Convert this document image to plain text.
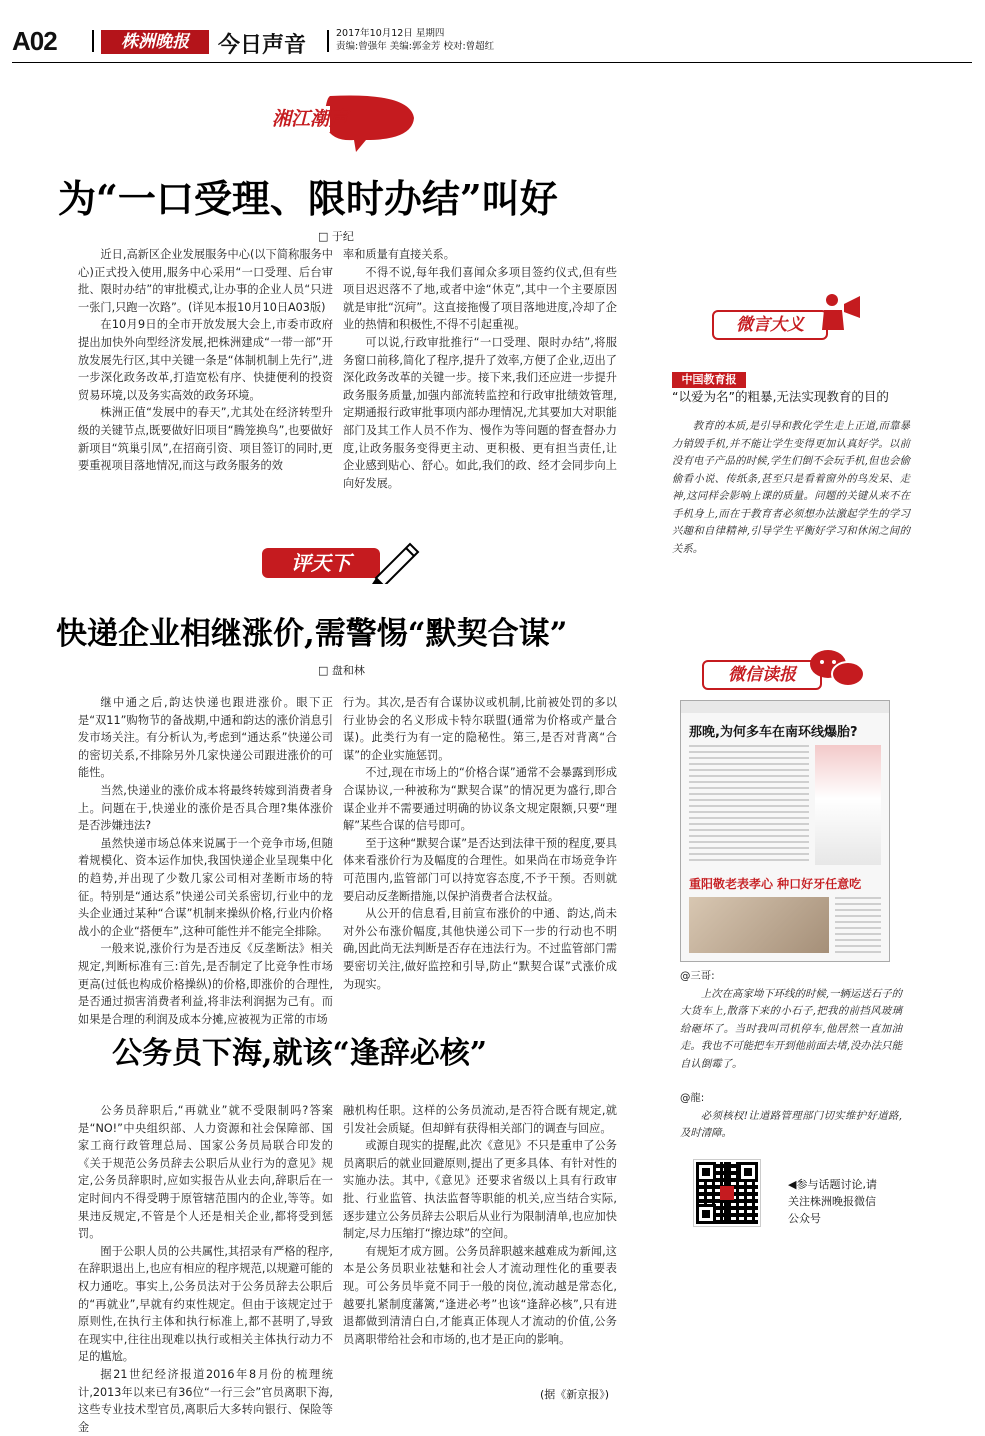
A02	株洲晚报	今日声音	2017年10月12日 星期四
责编:曾强年 美编:郭金芳 校对:曾超红
湘江潮声
为“一口受理、限时办结”叫好
□ 于纪

近日,高新区企业发展服务中心(以下简称服务中心)正式投入使用,服务中心采用“一口受理、后台审批、限时办结”的审批模式,让办事的企业人员“只进一张门,只跑一次路”。(详见本报10月10日A03版)

在10月9日的全市开放发展大会上,市委市政府提出加快外向型经济发展,把株洲建成“一带一部”开放发展先行区,其中关键一条是“体制机制上先行”,进一步深化政务改革,打造宽松有序、快捷便利的投资贸易环境,以及务实高效的政务环境。

株洲正值“发展中的春天”,尤其处在经济转型升级的关键节点,既要做好旧项目“腾笼换鸟”,也要做好新项目“筑巢引凤”,在招商引资、项目签订的同时,更要重视项目落地情况,而这与政务服务的效

率和质量有直接关系。

不得不说,每年我们喜闻众多项目签约仪式,但有些项目迟迟落不了地,或者中途“休克”,其中一个主要原因就是审批“沉疴”。这直接拖慢了项目落地进度,冷却了企业的热情和积极性,不得不引起重视。

可以说,行政审批推行“一口受理、限时办结”,将服务窗口前移,简化了程序,提升了效率,方便了企业,迈出了深化政务改革的关键一步。接下来,我们还应进一步提升政务服务质量,加强内部流转监控和行政审批绩效管理,定期通报行政审批事项内部办理情况,尤其要加大对职能部门及其工作人员不作为、慢作为等问题的督查督办力度,让政务服务变得更主动、更积极、更有担当责任,让企业感到贴心、舒心。如此,我们的政、经才会同步向上向好发展。

评天下
快递企业相继涨价,需警惕“默契合谋”
□ 盘和林

继中通之后,韵达快递也跟进涨价。眼下正是“双11”购物节的备战期,中通和韵达的涨价消息引发市场关注。有分析认为,考虑到“通达系”快递公司的密切关系,不排除另外几家快递公司跟进涨价的可能性。

当然,快递业的涨价成本将最终转嫁到消费者身上。问题在于,快递业的涨价是否具合理?集体涨价是否涉嫌违法?

虽然快递市场总体来说属于一个竞争市场,但随着规模化、资本运作加快,我国快递企业呈现集中化的趋势,并出现了少数几家公司相对垄断市场的特征。特别是“通达系”快递公司关系密切,行业中的龙头企业通过某种“合谋”机制来操纵价格,行业内价格战小的企业“搭便车”,这种可能性并不能完全排除。

一般来说,涨价行为是否违反《反垄断法》相关规定,判断标准有三:首先,是否制定了比竞争性市场更高(过低也构成价格操纵)的价格,即涨价的合理性,是否通过损害消费者利益,将非法利润据为己有。而如果是合理的利润及成本分摊,应被视为正常的市场

行为。其次,是否有合谋协议或机制,比前被处罚的多以行业协会的名义形成卡特尔联盟(通常为价格或产量合谋)。此类行为有一定的隐秘性。第三,是否对背离“合谋”的企业实施惩罚。

不过,现在市场上的“价格合谋”通常不会暴露到形成合谋协议,一种被称为“默契合谋”的情况更为盛行,即合谋企业并不需要通过明确的协议条文规定限额,只要“理解”某些合谋的信号即可。

至于这种“默契合谋”是否达到法律干预的程度,要具体来看涨价行为及幅度的合理性。如果尚在市场竞争许可范围内,监管部门可以持宽容态度,不予干预。否则就要启动反垄断措施,以保护消费者合法权益。

从公开的信息看,目前宣布涨价的中通、韵达,尚未对外公布涨价幅度,其他快递公司下一步的行动也不明确,因此尚无法判断是否存在违法行为。不过监管部门需要密切关注,做好监控和引导,防止“默契合谋”式涨价成为现实。

公务员下海,就该“逢辞必核”

公务员辞职后,“再就业”就不受限制吗?答案是“NO!”中央组织部、人力资源和社会保障部、国家工商行政管理总局、国家公务员局联合印发的《关于规范公务员辞去公职后从业行为的意见》规定,公务员辞职时,应如实报告从业去向,辞职后在一定时间内不得受聘于原管辖范围内的企业,等等。如果违反规定,不管是个人还是相关企业,都将受到惩罚。

囿于公职人员的公共属性,其招录有严格的程序,在辞职退出上,也应有相应的程序规范,以规避可能的权力通吃。事实上,公务员法对于公务员辞去公职后的“再就业”,早就有约束性规定。但由于该规定过于原则性,在执行主体和执行标准上,都不甚明了,导致在现实中,往往出现难以执行或相关主体执行动力不足的尴尬。

据21世纪经济报道2016年8月份的梳理统计,2013年以来已有36位“一行三会”官员离职下海,这些专业技术型官员,离职后大多转向银行、保险等金

融机构任职。这样的公务员流动,是否符合既有规定,就引发社会质疑。但却鲜有获得相关部门的调查与回应。

或源自现实的提醒,此次《意见》不只是重申了公务员离职后的就业回避原则,提出了更多具体、有针对性的实施办法。其中,《意见》还要求省级以上具有行政审批、行业监管、执法监督等职能的机关,应当结合实际,逐步建立公务员辞去公职后从业行为限制清单,也应加快制定,尽力压缩打“擦边球”的空间。

有规矩才成方圆。公务员辞职越来越难成为新闻,这本是公务员职业祛魅和社会人才流动理性化的重要表现。可公务员毕竟不同于一般的岗位,流动越是常态化,越要扎紧制度藩篱,“逢进必考”也该“逢辞必核”,只有进退都做到清清白白,才能真正体现人才流动的价值,公务员离职带给社会和市场的,也才是正向的影响。

(据《新京报》)
微言大义
中国教育报
“以爱为名”的粗暴,无法实现教育的目的
教育的本质,是引导和教化学生走上正道,而靠暴力销毁手机,并不能让学生变得更加认真好学。以前没有电子产品的时候,学生们倒不会玩手机,但也会偷偷看小说、传纸条,甚至只是看着窗外的鸟发呆、走神,这同样会影响上课的质量。问题的关键从来不在手机身上,而在于教育者必须想办法激起学生的学习兴趣和自律精神,引导学生平衡好学习和休闲之间的关系。
微信读报
那晚,为何多车在南环线爆胎?
重阳敬老表孝心 种口好牙任意吃
@三哥:
上次在高家坳下环线的时候,一辆运送石子的大货车上,散落下来的小石子,把我的前挡风玻璃给砸坏了。当时我叫司机停车,他居然一直加油走。我也不可能把车开到他前面去堵,没办法只能自认倒霉了。
@龍:
必须核杈!让道路管理部门切实维护好道路,及时清障。
◀参与话题讨论,请关注株洲晚报微信公众号
